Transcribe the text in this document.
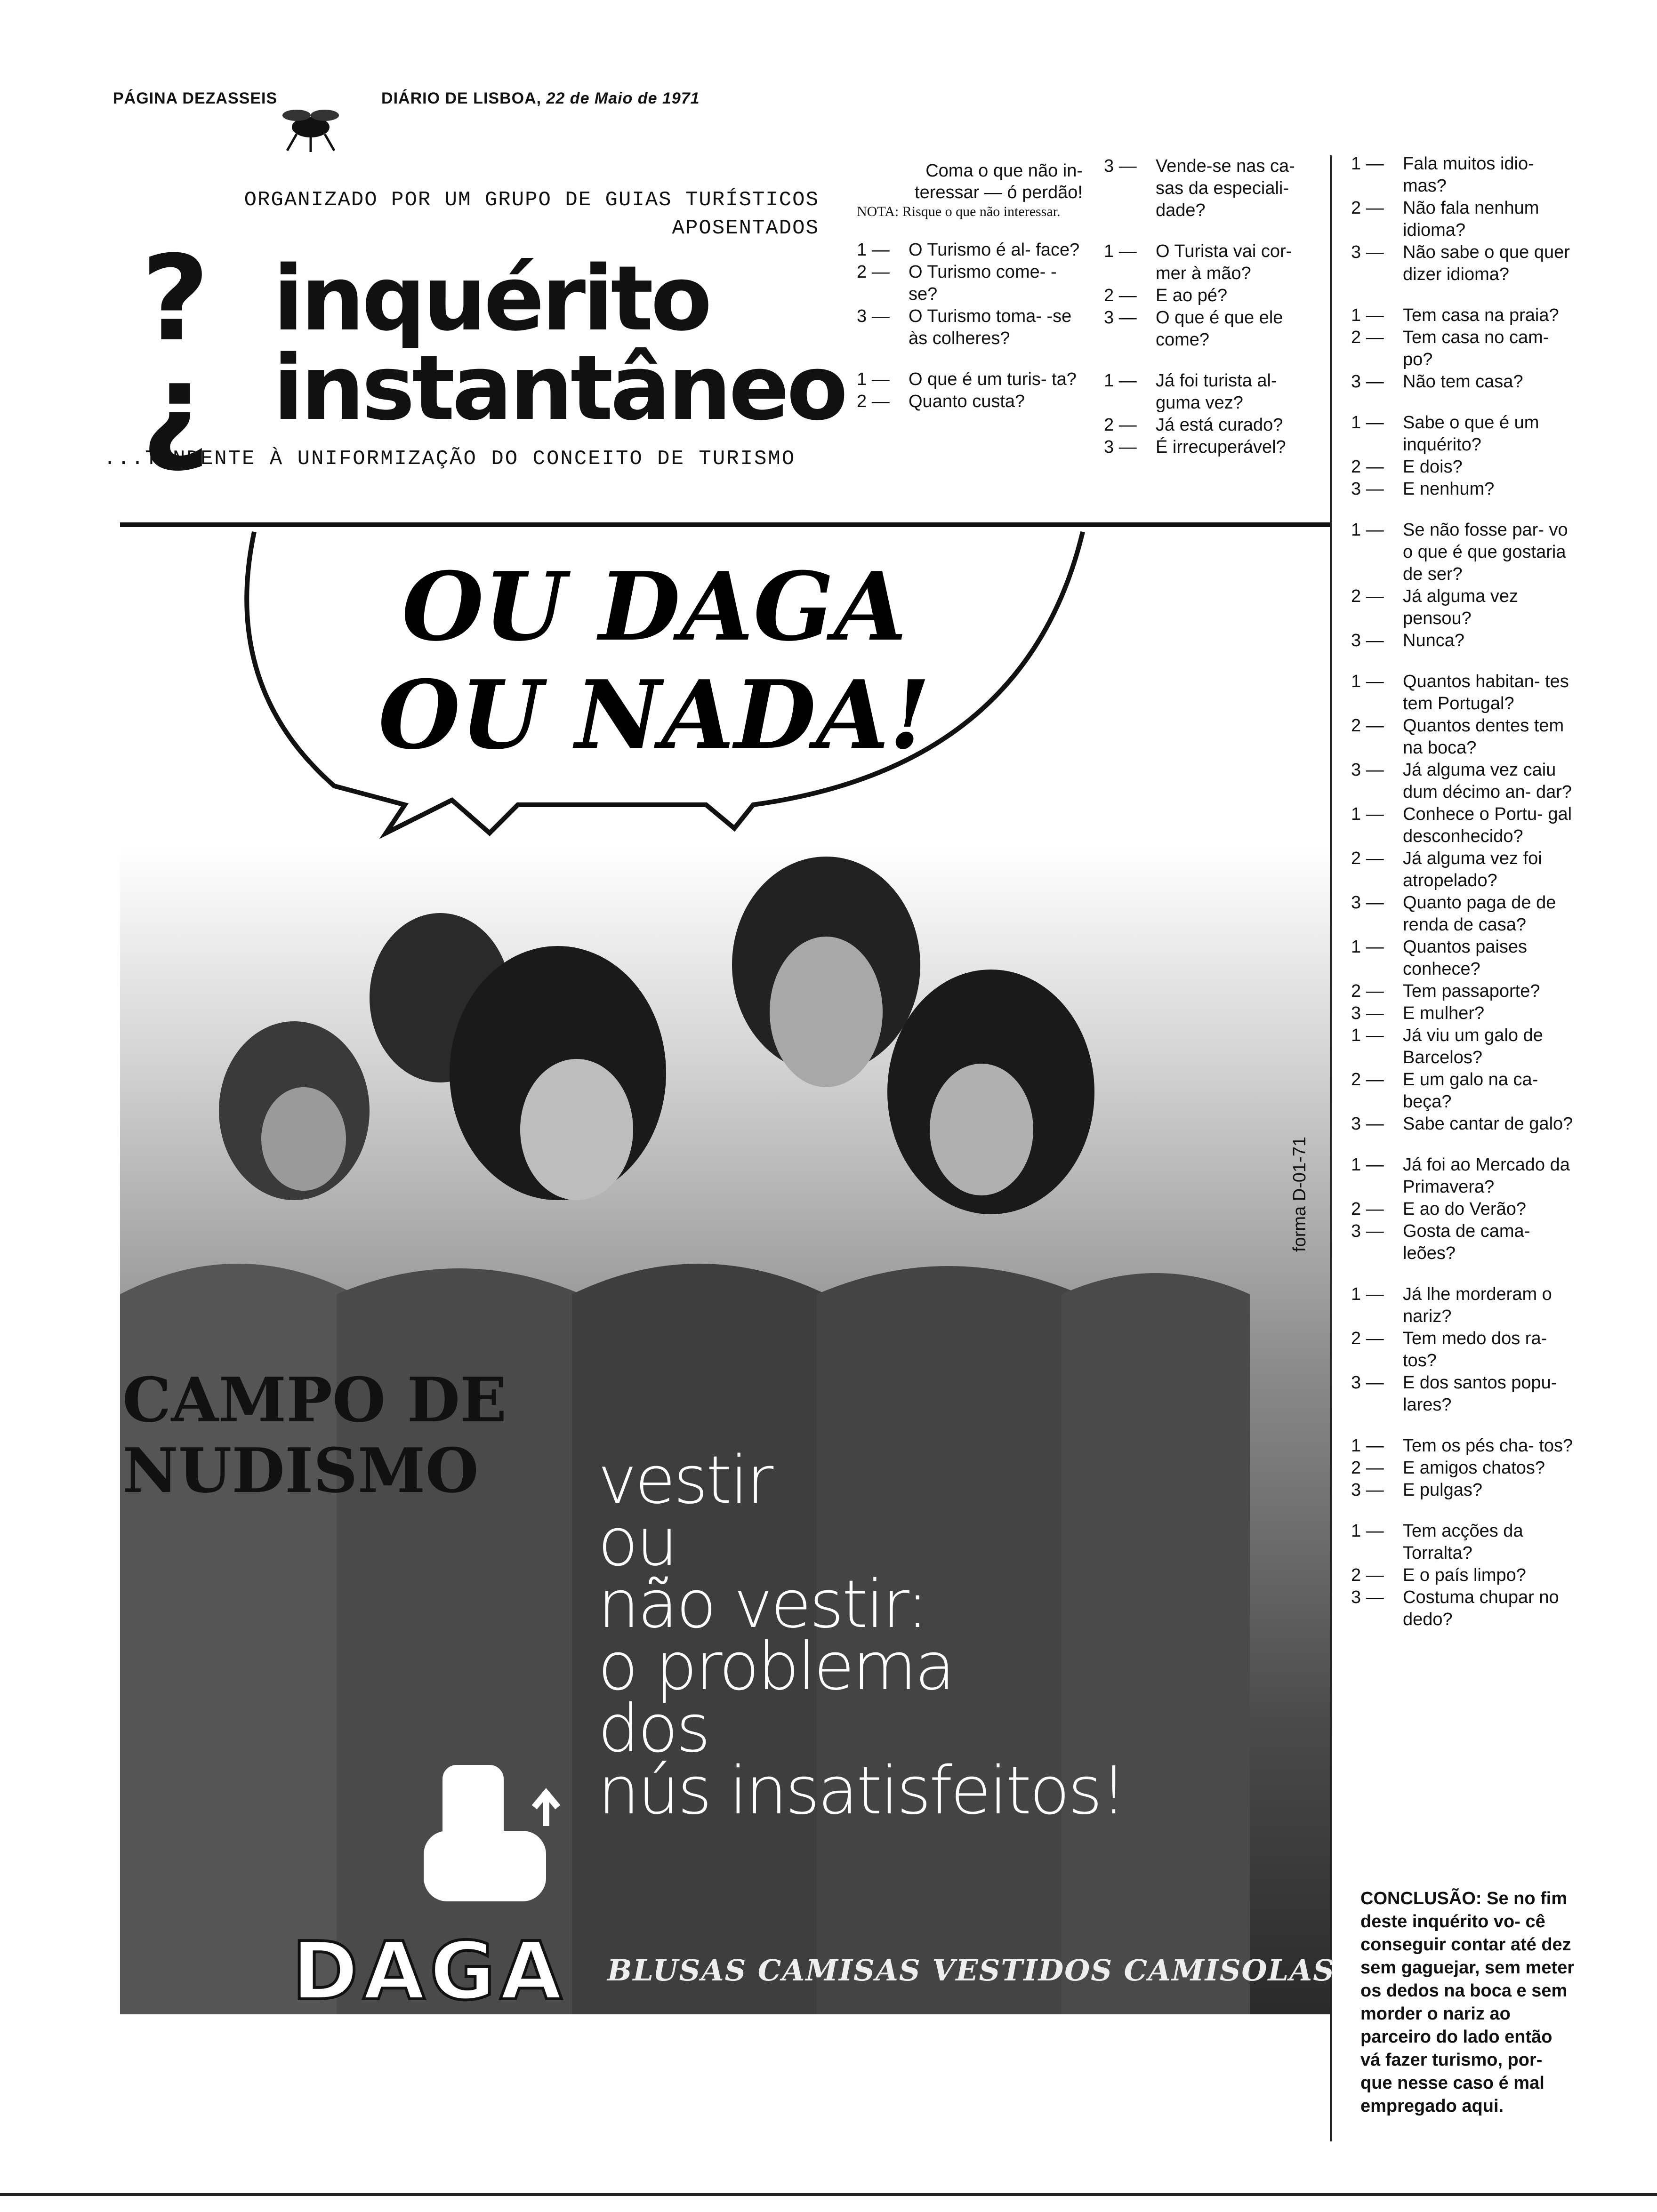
PÁGINA DEZASSEIS	DIÁRIO DE LISBOA, 22 de Maio de 1971
ORGANIZADO POR UM GRUPO DE GUIAS TURÍSTICOS
APOSENTADOS
?
¿
inquérito
instantâneo
...TENDENTE À UNIFORMIZAÇÃO DO CONCEITO DE TURISMO
Coma o que não in-
teressar — ó perdão!
NOTA: Risque o que não interessar.
1 —	O Turismo é al- face?
2 —	O Turismo come- -se?
3 —	O Turismo toma- -se às colheres?
1 —	O que é um turis- ta?
2 —	Quanto custa?
3 —	Vende-se nas ca- sas da especiali- dade?
1 —	O Turista vai cor- mer à mão?
2 —	E ao pé?
3 —	O que é que ele come?
1 —	Já foi turista al- guma vez?
2 —	Já está curado?
3 —	É irrecuperável?
1 —	Fala muitos idio- mas?
2 —	Não fala nenhum idioma?
3 —	Não sabe o que quer dizer idioma?
1 —	Tem casa na praia?
2 —	Tem casa no cam- po?
3 —	Não tem casa?
1 —	Sabe o que é um inquérito?
2 —	E dois?
3 —	E nenhum?
1 —	Se não fosse par- vo o que é que gostaria de ser?
2 —	Já alguma vez pensou?
3 —	Nunca?
1 —	Quantos habitan- tes tem Portugal?
2 —	Quantos dentes tem na boca?
3 —	Já alguma vez caiu dum décimo an- dar?
1 —	Conhece o Portu- gal desconhecido?
2 —	Já alguma vez foi atropelado?
3 —	Quanto paga de de renda de casa?
1 —	Quantos paises conhece?
2 —	Tem passaporte?
3 —	E mulher?
1 —	Já viu um galo de Barcelos?
2 —	E um galo na ca- beça?
3 —	Sabe cantar de galo?
1 —	Já foi ao Mercado da Primavera?
2 —	E ao do Verão?
3 —	Gosta de cama- leões?
1 —	Já lhe morderam o nariz?
2 —	Tem medo dos ra- tos?
3 —	E dos santos popu- lares?
1 —	Tem os pés cha- tos?
2 —	E amigos chatos?
3 —	E pulgas?
1 —	Tem acções da Torralta?
2 —	E o país limpo?
3 —	Costuma chupar no dedo?
CONCLUSÃO: Se no fim deste inquérito vo- cê conseguir contar até dez sem gaguejar, sem meter os dedos na boca e sem morder o nariz ao parceiro do lado então vá fazer turismo, por- que nesse caso é mal empregado aqui.
OU DAGA
OU NADA!
CAMPO DE
NUDISMO	vestir
ou
não vestir:
o problema
dos
nús insatisfeitos!
forma D-01-71
DAGA BLUSAS CAMISAS VESTIDOS CAMISOLAS
